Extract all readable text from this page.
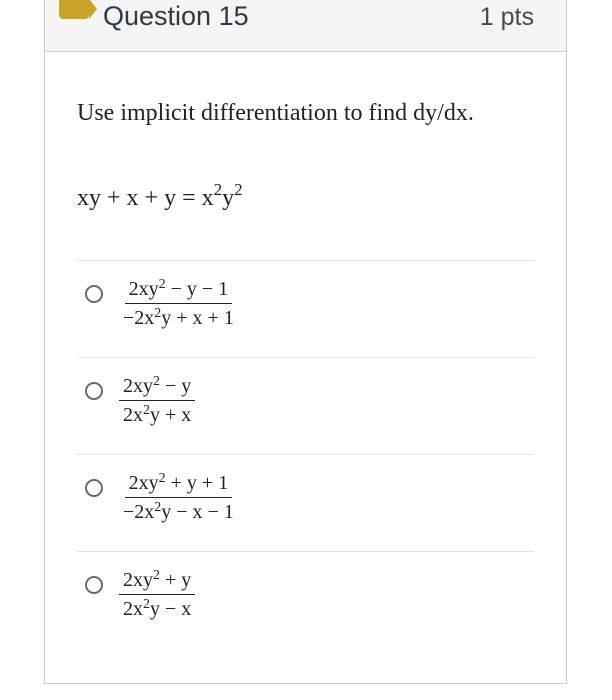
Question 15	1 pts
Use implicit differentiation to find dy/dx.
xy + $x + y = x^2y^2$
$\frac{2xy^2 - y - 1}{-2x^2y + x + 1}$
$\frac{2xy^2 - y}{2x^2y + x}$
$\frac{2xy^2 + y + 1}{-2x^2y - x - 1}$
$\frac{2xy^2 + y}{2x^2y - x}$
